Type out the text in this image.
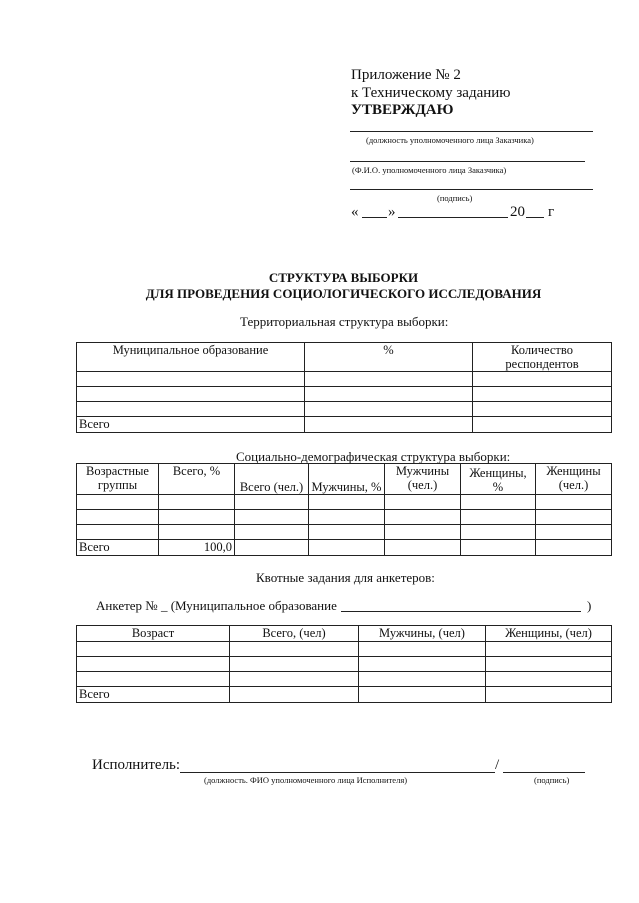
Приложение № 2
к Техническому заданию
УТВЕРЖДАЮ
(должность уполномоченного лица Заказчика)
(Ф.И.О. уполномоченного лица Заказчика)
(подпись)
« »	20 г
СТРУКТУРА ВЫБОРКИ
ДЛЯ ПРОВЕДЕНИЯ СОЦИОЛОГИЧЕСКОГО ИССЛЕДОВАНИЯ
Территориальная структура выборки:
Муниципальное образование	%	Количество респондентов

Всего		
Социально-демографическая структура выборки:
Возрастные группы	Всего, %	Всего (чел.)	Мужчины, %	Мужчины (чел.)	Женщины, %	Женщины (чел.)

Всего	100,0					
Квотные задания для анкетеров:
Анкетер № _ (Муниципальное образование	)
Возраст	Всего, (чел)	Мужчины, (чел)	Женщины, (чел)

Всего			
Исполнитель:	/
(должность. ФИО уполномоченного лица Исполнителя)	(подпись)
